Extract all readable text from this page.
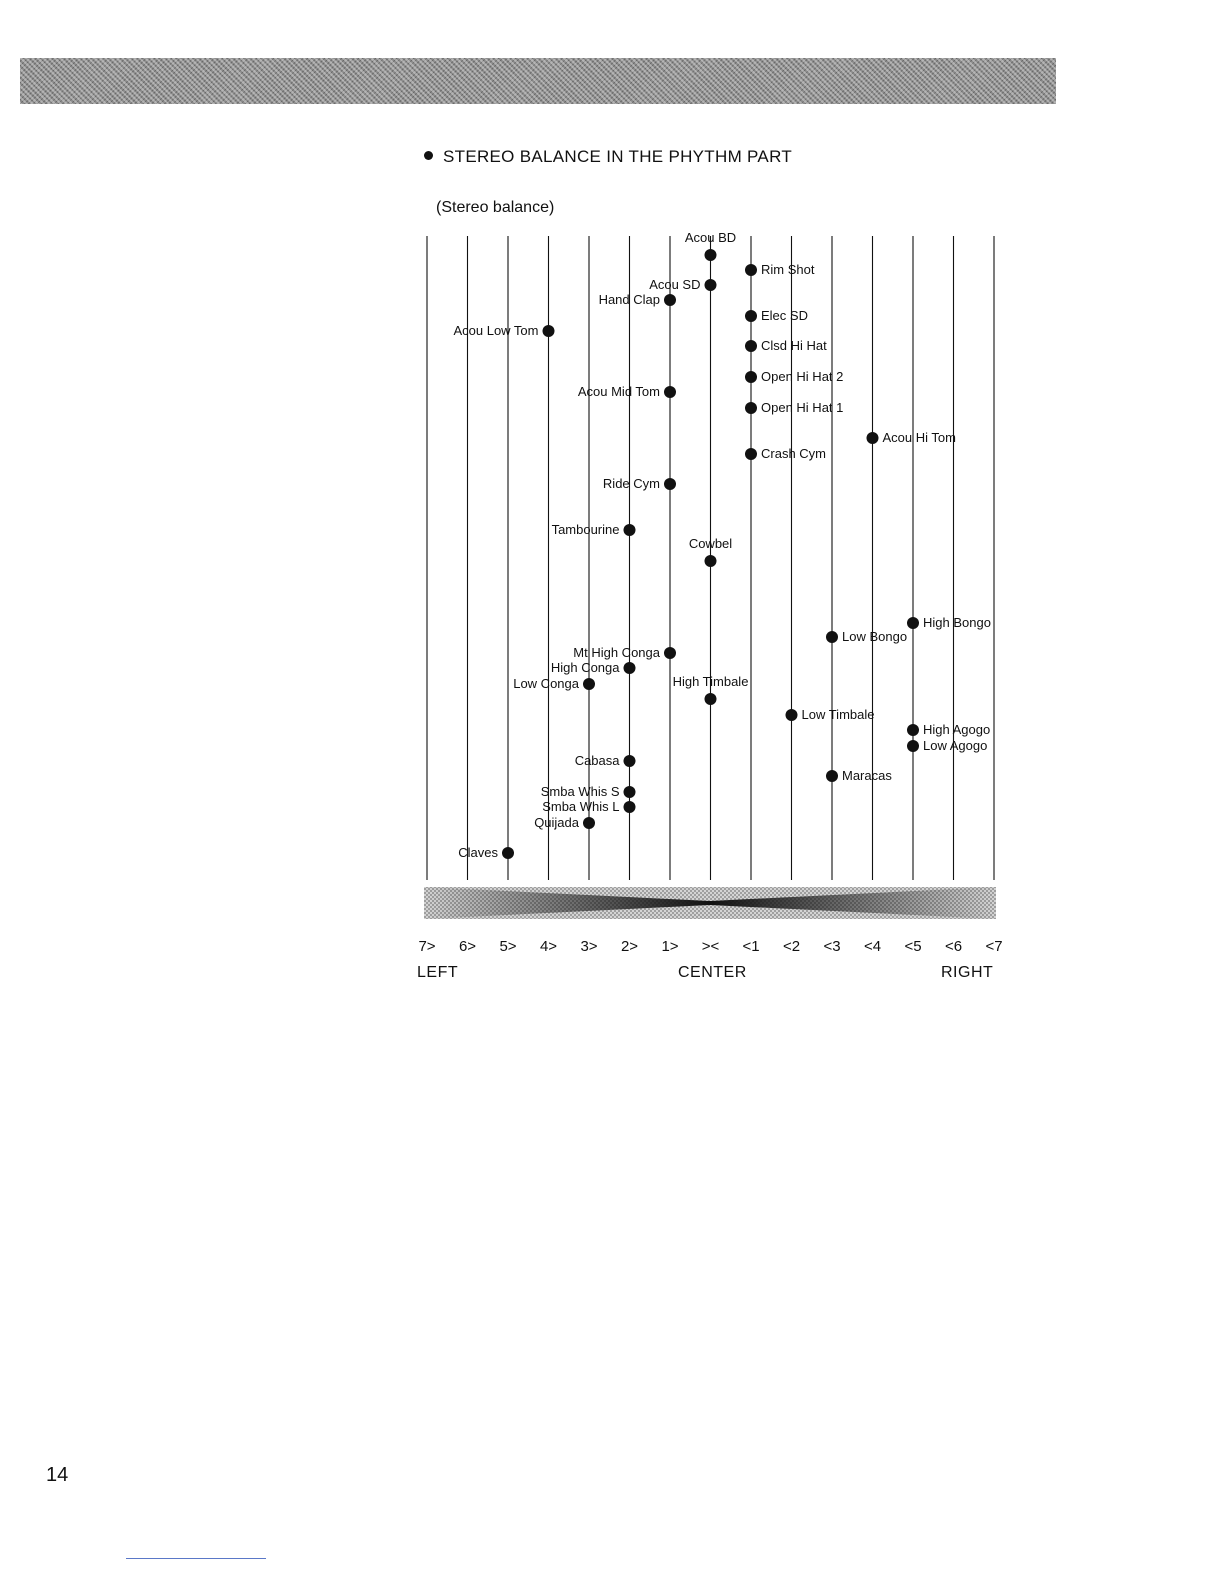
STEREO BALANCE IN THE PHYTHM PART
(Stereo balance)
Acou BD
Acou SD
Rim Shot
Hand Clap
Elec SD
Acou Low Tom
Clsd Hi Hat
Open Hi Hat 2
Acou Mid Tom
Open Hi Hat 1
Acou Hi Tom
Crash Cym
Ride Cym
Tambourine
Cowbel
High Bongo
Low Bongo
Mt High Conga
High Conga
Low Conga	High Timbale
Low Timbale
High Agogo
Low Agogo
Cabasa
Maracas
Smba Whis S
Smba Whis L
Quijada
Claves
7> 6> 5> 4> 3> 2> 1> >< <1 <2 <3 <4 <5 <6 <7
LEFT	CENTER	RIGHT
14
